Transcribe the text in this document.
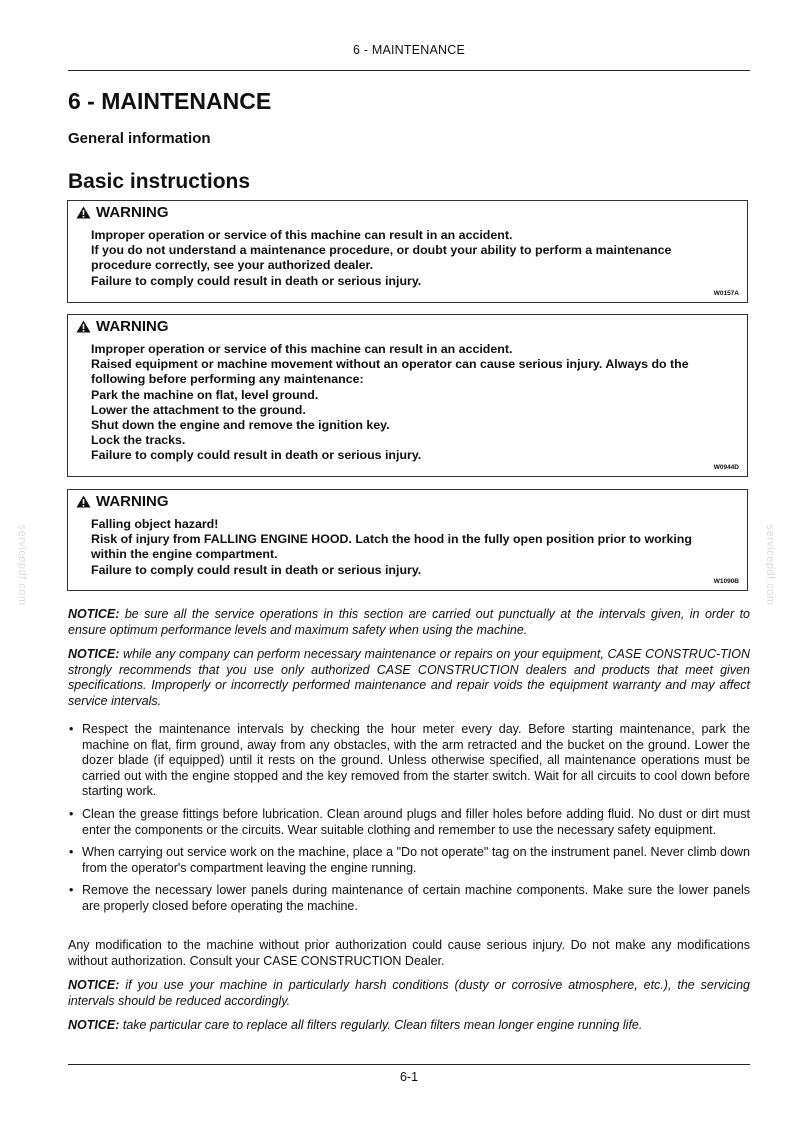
6 - MAINTENANCE
6 - MAINTENANCE
General information
Basic instructions
WARNING
Improper operation or service of this machine can result in an accident.
If you do not understand a maintenance procedure, or doubt your ability to perform a maintenance
procedure correctly, see your authorized dealer.
Failure to comply could result in death or serious injury.
W0157A
WARNING
Improper operation or service of this machine can result in an accident.
Raised equipment or machine movement without an operator can cause serious injury. Always do the
following before performing any maintenance:
Park the machine on flat, level ground.
Lower the attachment to the ground.
Shut down the engine and remove the ignition key.
Lock the tracks.
Failure to comply could result in death or serious injury.
W0944D
WARNING
Falling object hazard!
Risk of injury from FALLING ENGINE HOOD. Latch the hood in the fully open position prior to working
within the engine compartment.
Failure to comply could result in death or serious injury.
W1090B

NOTICE: be sure all the service operations in this section are carried out punctually at the intervals given, in order to ensure optimum performance levels and maximum safety when using the machine.

NOTICE: while any company can perform necessary maintenance or repairs on your equipment, CASE CONSTRUC-TION strongly recommends that you use only authorized CASE CONSTRUCTION dealers and products that meet given specifications. Improperly or incorrectly performed maintenance and repair voids the equipment warranty and may affect service intervals.

• Respect the maintenance intervals by checking the hour meter every day. Before starting maintenance, park the machine on flat, firm ground, away from any obstacles, with the arm retracted and the bucket on the ground. Lower the dozer blade (if equipped) until it rests on the ground. Unless otherwise specified, all maintenance operations must be carried out with the engine stopped and the key removed from the starter switch. Wait for all circuits to cool down before starting work.
• Clean the grease fittings before lubrication. Clean around plugs and filler holes before adding fluid. No dust or dirt must enter the components or the circuits. Wear suitable clothing and remember to use the necessary safety equipment.
• When carrying out service work on the machine, place a "Do not operate" tag on the instrument panel. Never climb down from the operator's compartment leaving the engine running.
• Remove the necessary lower panels during maintenance of certain machine components. Make sure the lower panels are properly closed before operating the machine.

Any modification to the machine without prior authorization could cause serious injury. Do not make any modifications without authorization. Consult your CASE CONSTRUCTION Dealer.

NOTICE: if you use your machine in particularly harsh conditions (dusty or corrosive atmosphere, etc.), the servicing intervals should be reduced accordingly.

NOTICE: take particular care to replace all filters regularly. Clean filters mean longer engine running life.

6-1
servicepdf.com	servicepdf.com
